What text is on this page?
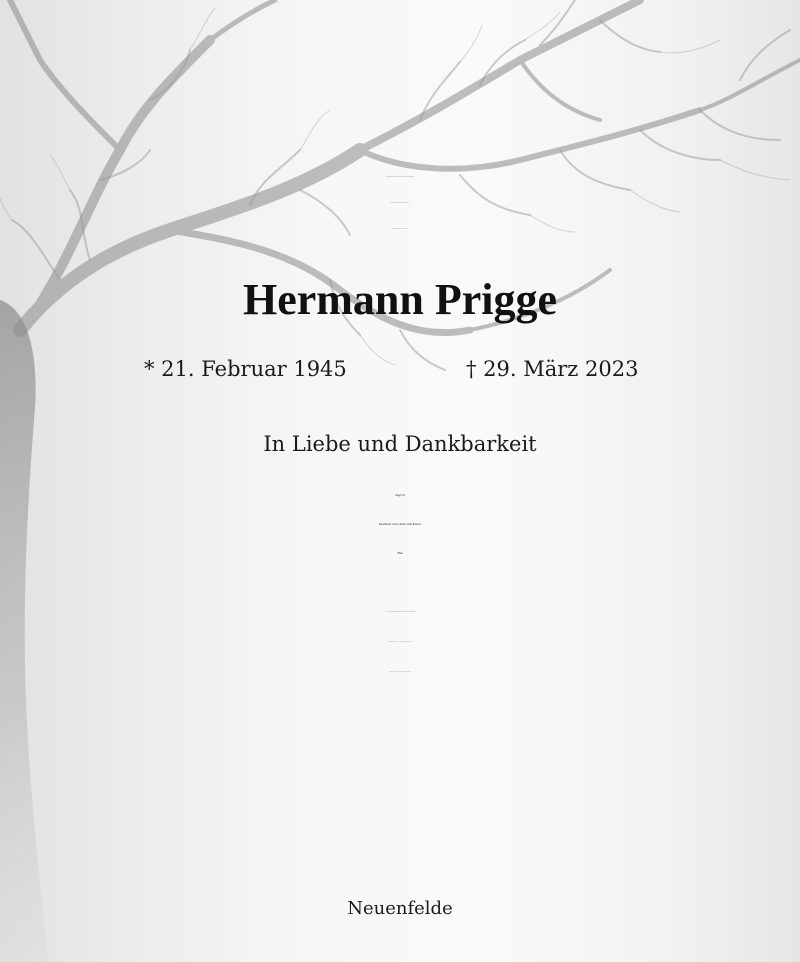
Traurig nehmen wir Abschied von meinem lieben Mann,
unserem Papa, Schwiegervater, Opa,
Bruder, Schwager und Onkel
Hermann Prigge
* 21. Februar 1945	† 29. März 2023
In Liebe und Dankbarkeit
Ingrid
Dietmar und Ania mit Karol
Ria
Die Trauerfeier mit anschließender Beisetzung findet statt
am Mittwoch, dem 19. April 2023 um 13.30 Uhr
in der Kapelle des Friedhofes Neuenfelde.
Neuenfelde
